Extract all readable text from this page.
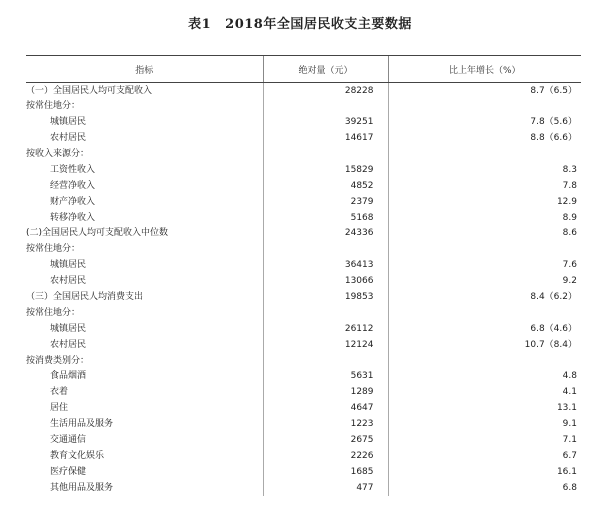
表1 2018年全国居民收支主要数据
指标	绝对量（元）	比上年增长（%）
（一）全国居民人均可支配收入	28228	8.7（6.5）
按常住地分：		
城镇居民	39251	7.8（5.6）
农村居民	14617	8.8（6.6）
按收入来源分：		
工资性收入	15829	8.3
经营净收入	4852	7.8
财产净收入	2379	12.9
转移净收入	5168	8.9
(二)全国居民人均可支配收入中位数	24336	8.6
按常住地分：		
城镇居民	36413	7.6
农村居民	13066	9.2
（三）全国居民人均消费支出	19853	8.4（6.2）
按常住地分：		
城镇居民	26112	6.8（4.6）
农村居民	12124	10.7（8.4）
按消费类别分：		
食品烟酒	5631	4.8
衣着	1289	4.1
居住	4647	13.1
生活用品及服务	1223	9.1
交通通信	2675	7.1
教育文化娱乐	2226	6.7
医疗保健	1685	16.1
其他用品及服务	477	6.8
